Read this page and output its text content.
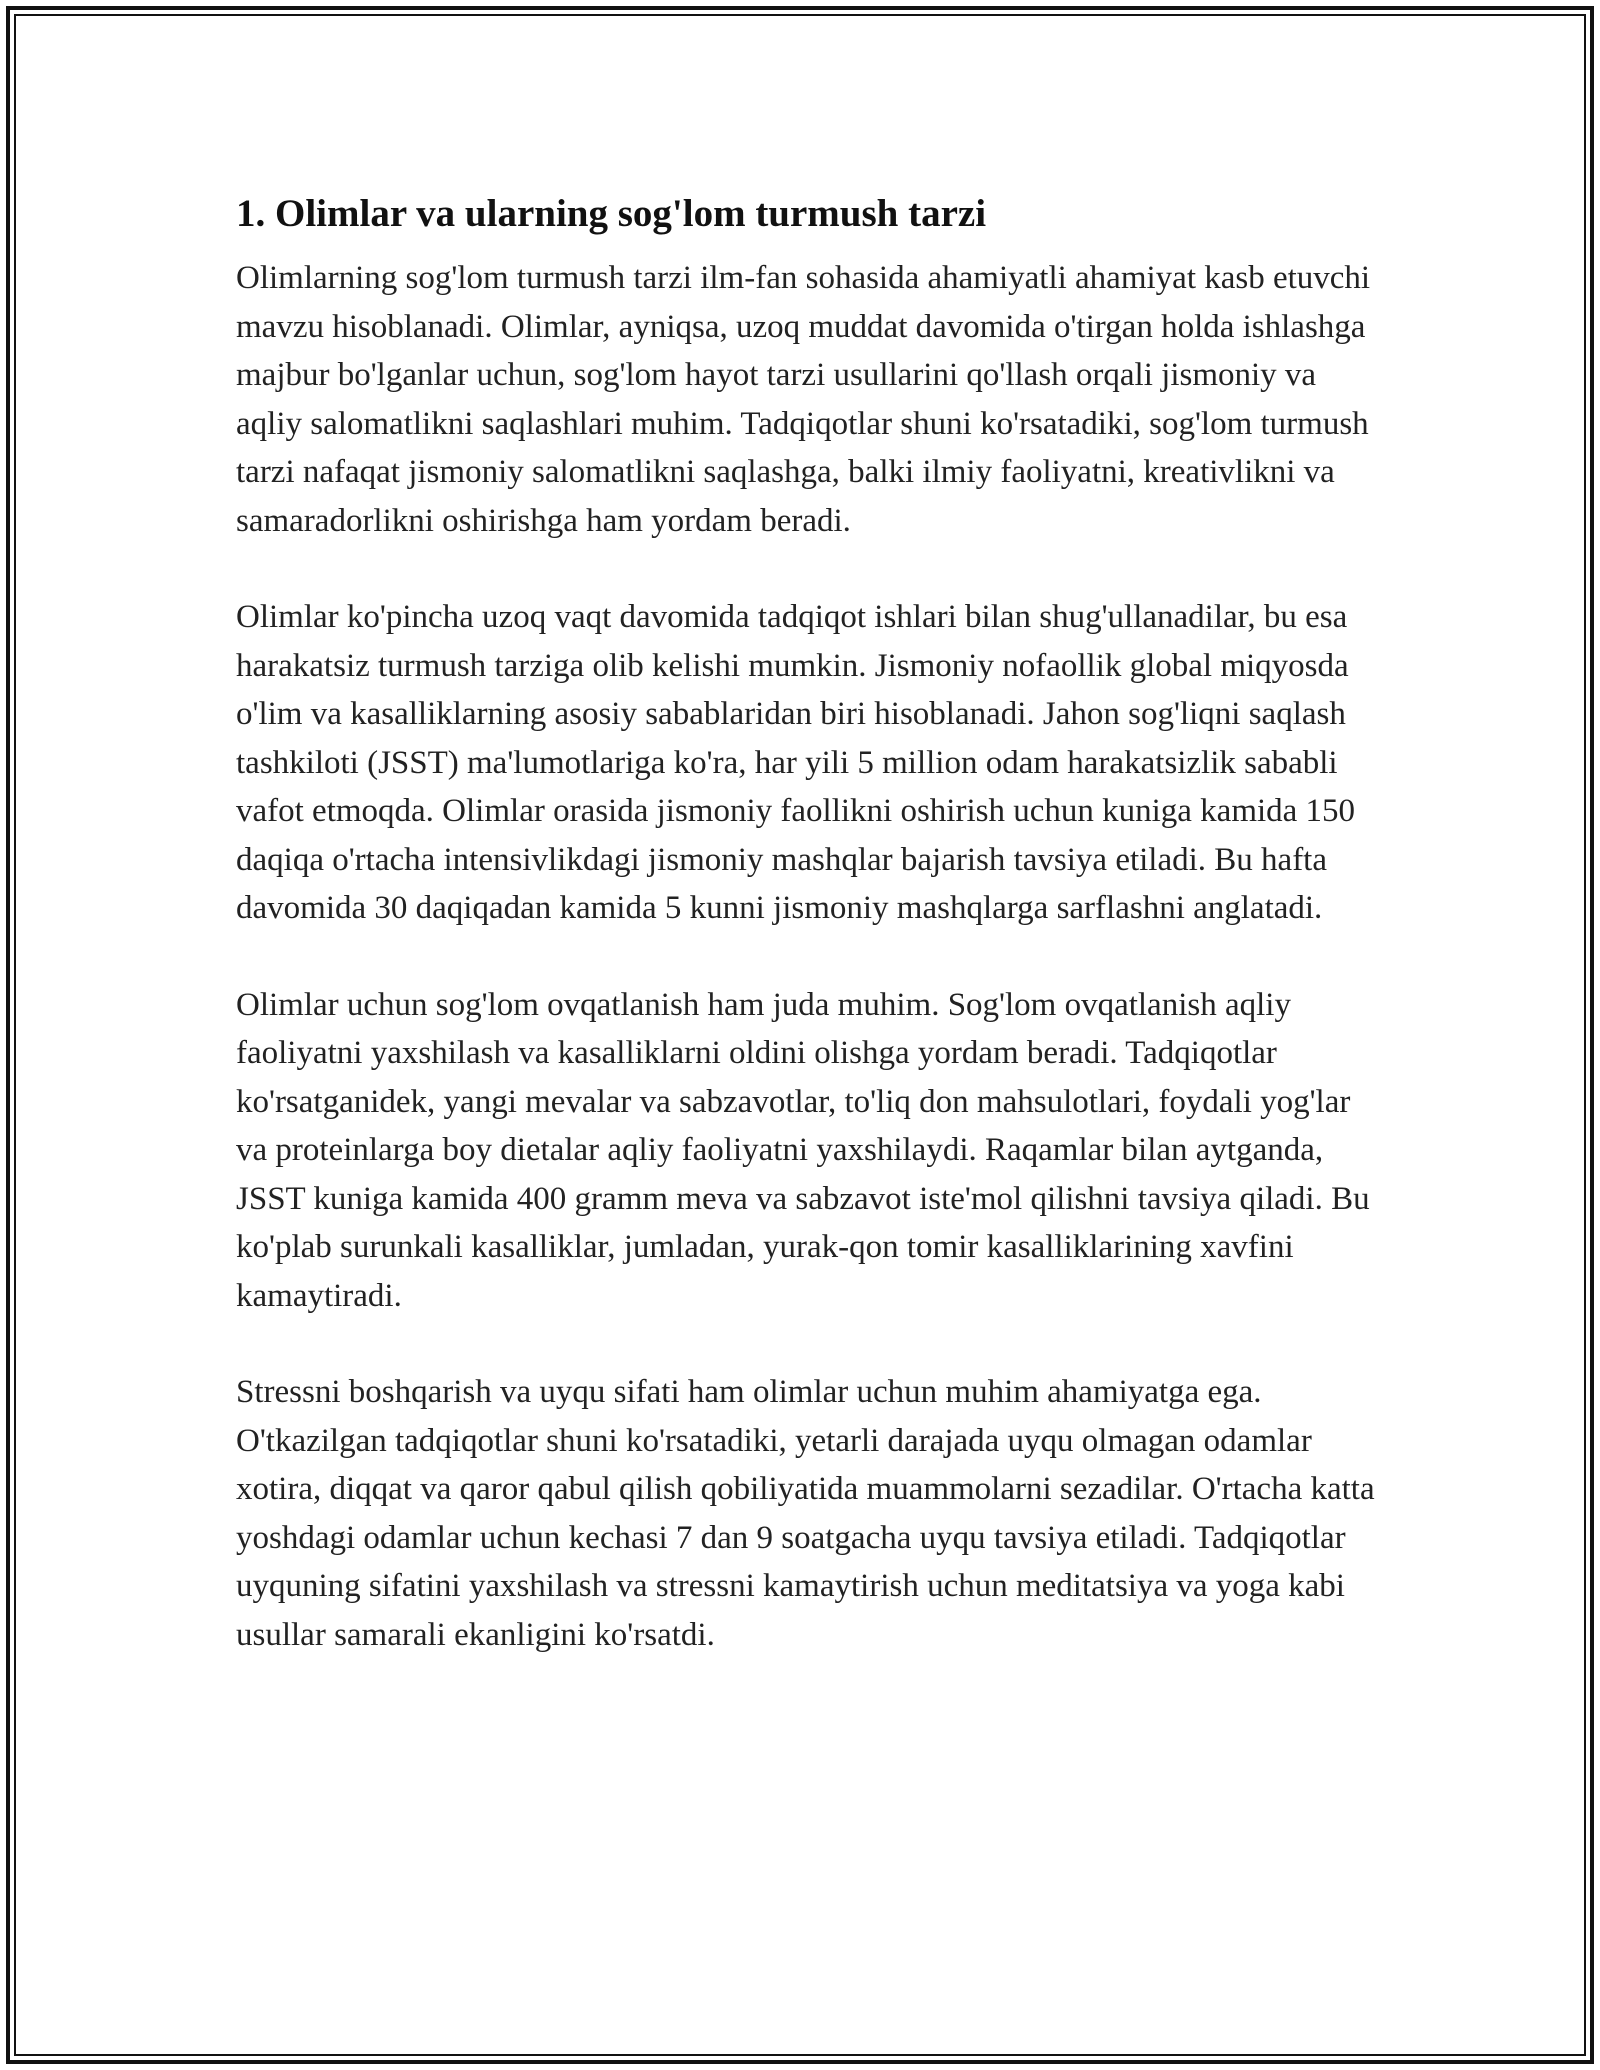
1. Olimlar va ularning sog'lom turmush tarzi

Olimlarning sog'lom turmush tarzi ilm-fan sohasida ahamiyatli ahamiyat kasb etuvchi mavzu hisoblanadi. Olimlar, ayniqsa, uzoq muddat davomida o'tirgan holda ishlashga majbur bo'lganlar uchun, sog'lom hayot tarzi usullarini qo'llash orqali jismoniy va aqliy salomatlikni saqlashlari muhim. Tadqiqotlar shuni ko'rsatadiki, sog'lom turmush tarzi nafaqat jismoniy salomatlikni saqlashga, balki ilmiy faoliyatni, kreativlikni va samaradorlikni oshirishga ham yordam beradi.

Olimlar ko'pincha uzoq vaqt davomida tadqiqot ishlari bilan shug'ullanadilar, bu esa harakatsiz turmush tarziga olib kelishi mumkin. Jismoniy nofaollik global miqyosda o'lim va kasalliklarning asosiy sabablaridan biri hisoblanadi. Jahon sog'liqni saqlash tashkiloti (JSST) ma'lumotlariga ko'ra, har yili 5 million odam harakatsizlik sababli vafot etmoqda. Olimlar orasida jismoniy faollikni oshirish uchun kuniga kamida 150 daqiqa o'rtacha intensivlikdagi jismoniy mashqlar bajarish tavsiya etiladi. Bu hafta davomida 30 daqiqadan kamida 5 kunni jismoniy mashqlarga sarflashni anglatadi.

Olimlar uchun sog'lom ovqatlanish ham juda muhim. Sog'lom ovqatlanish aqliy faoliyatni yaxshilash va kasalliklarni oldini olishga yordam beradi. Tadqiqotlar ko'rsatganidek, yangi mevalar va sabzavotlar, to'liq don mahsulotlari, foydali yog'lar va proteinlarga boy dietalar aqliy faoliyatni yaxshilaydi. Raqamlar bilan aytganda, JSST kuniga kamida 400 gramm meva va sabzavot iste'mol qilishni tavsiya qiladi. Bu ko'plab surunkali kasalliklar, jumladan, yurak-qon tomir kasalliklarining xavfini kamaytiradi.

Stressni boshqarish va uyqu sifati ham olimlar uchun muhim ahamiyatga ega. O'tkazilgan tadqiqotlar shuni ko'rsatadiki, yetarli darajada uyqu olmagan odamlar xotira, diqqat va qaror qabul qilish qobiliyatida muammolarni sezadilar. O'rtacha katta yoshdagi odamlar uchun kechasi 7 dan 9 soatgacha uyqu tavsiya etiladi. Tadqiqotlar uyquning sifatini yaxshilash va stressni kamaytirish uchun meditatsiya va yoga kabi usullar samarali ekanligini ko'rsatdi.
